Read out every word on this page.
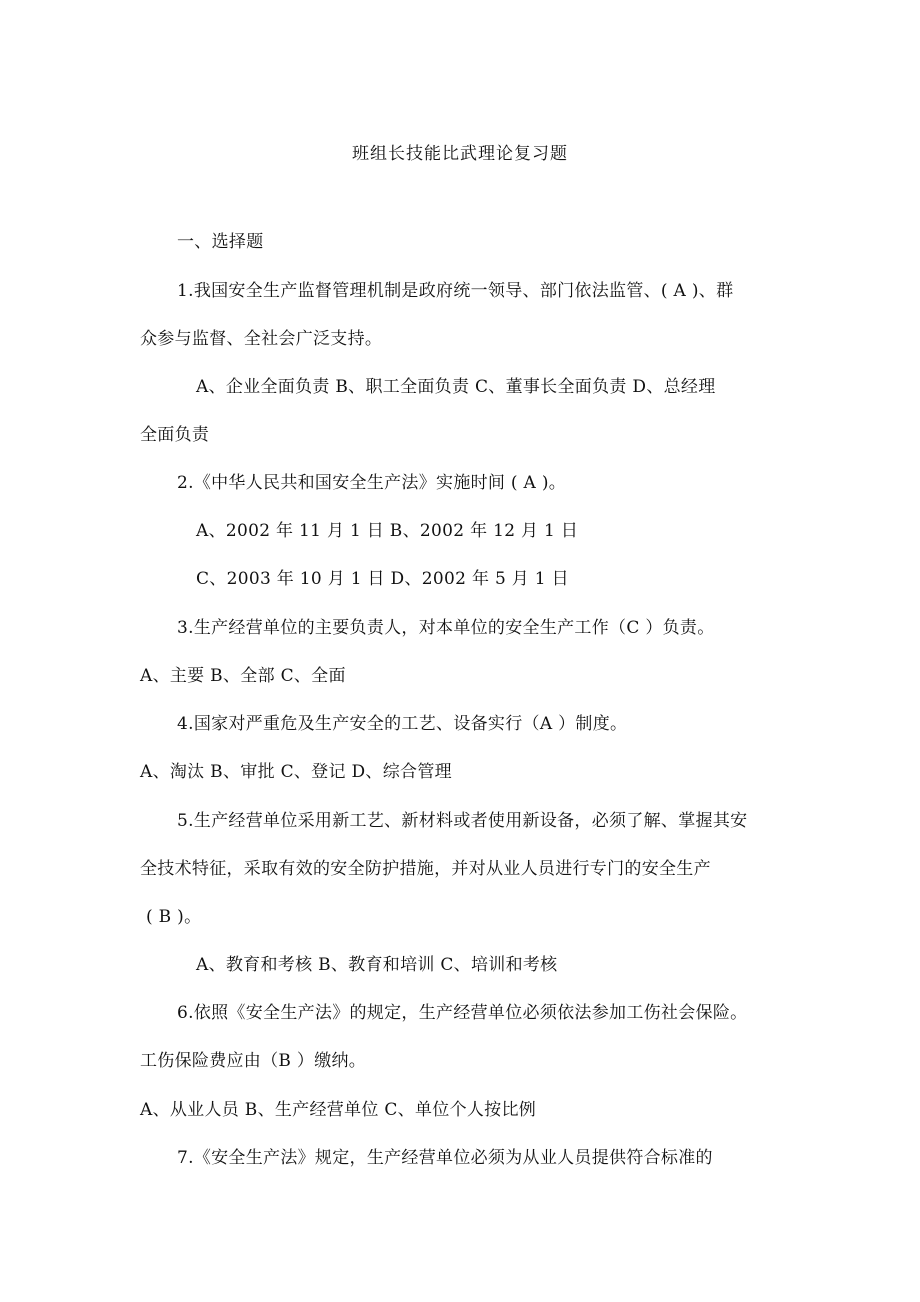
班组长技能比武理论复习题
一、选择题
1.我国安全生产监督管理机制是政府统一领导、部门依法监管、( A )、群
众参与监督、全社会广泛支持。
A、企业全面负责 B、职工全面负责 C、董事长全面负责 D、总经理
全面负责
2.《中华人民共和国安全生产法》实施时间 ( A )。
A、2002 年 11 月 1 日 B、2002 年 12 月 1 日
C、2003 年 10 月 1 日 D、2002 年 5 月 1 日
3.生产经营单位的主要负责人，对本单位的安全生产工作（C ）负责。
A、主要 B、全部 C、全面
4.国家对严重危及生产安全的工艺、设备实行（A ）制度。
A、淘汰 B、审批 C、登记 D、综合管理
5.生产经营单位采用新工艺、新材料或者使用新设备，必须了解、掌握其安
全技术特征，采取有效的安全防护措施，并对从业人员进行专门的安全生产
( B )。
A、教育和考核 B、教育和培训 C、培训和考核
6.依照《安全生产法》的规定，生产经营单位必须依法参加工伤社会保险。
工伤保险费应由（B ）缴纳。
A、从业人员 B、生产经营单位 C、单位个人按比例
7.《安全生产法》规定，生产经营单位必须为从业人员提供符合标准的
